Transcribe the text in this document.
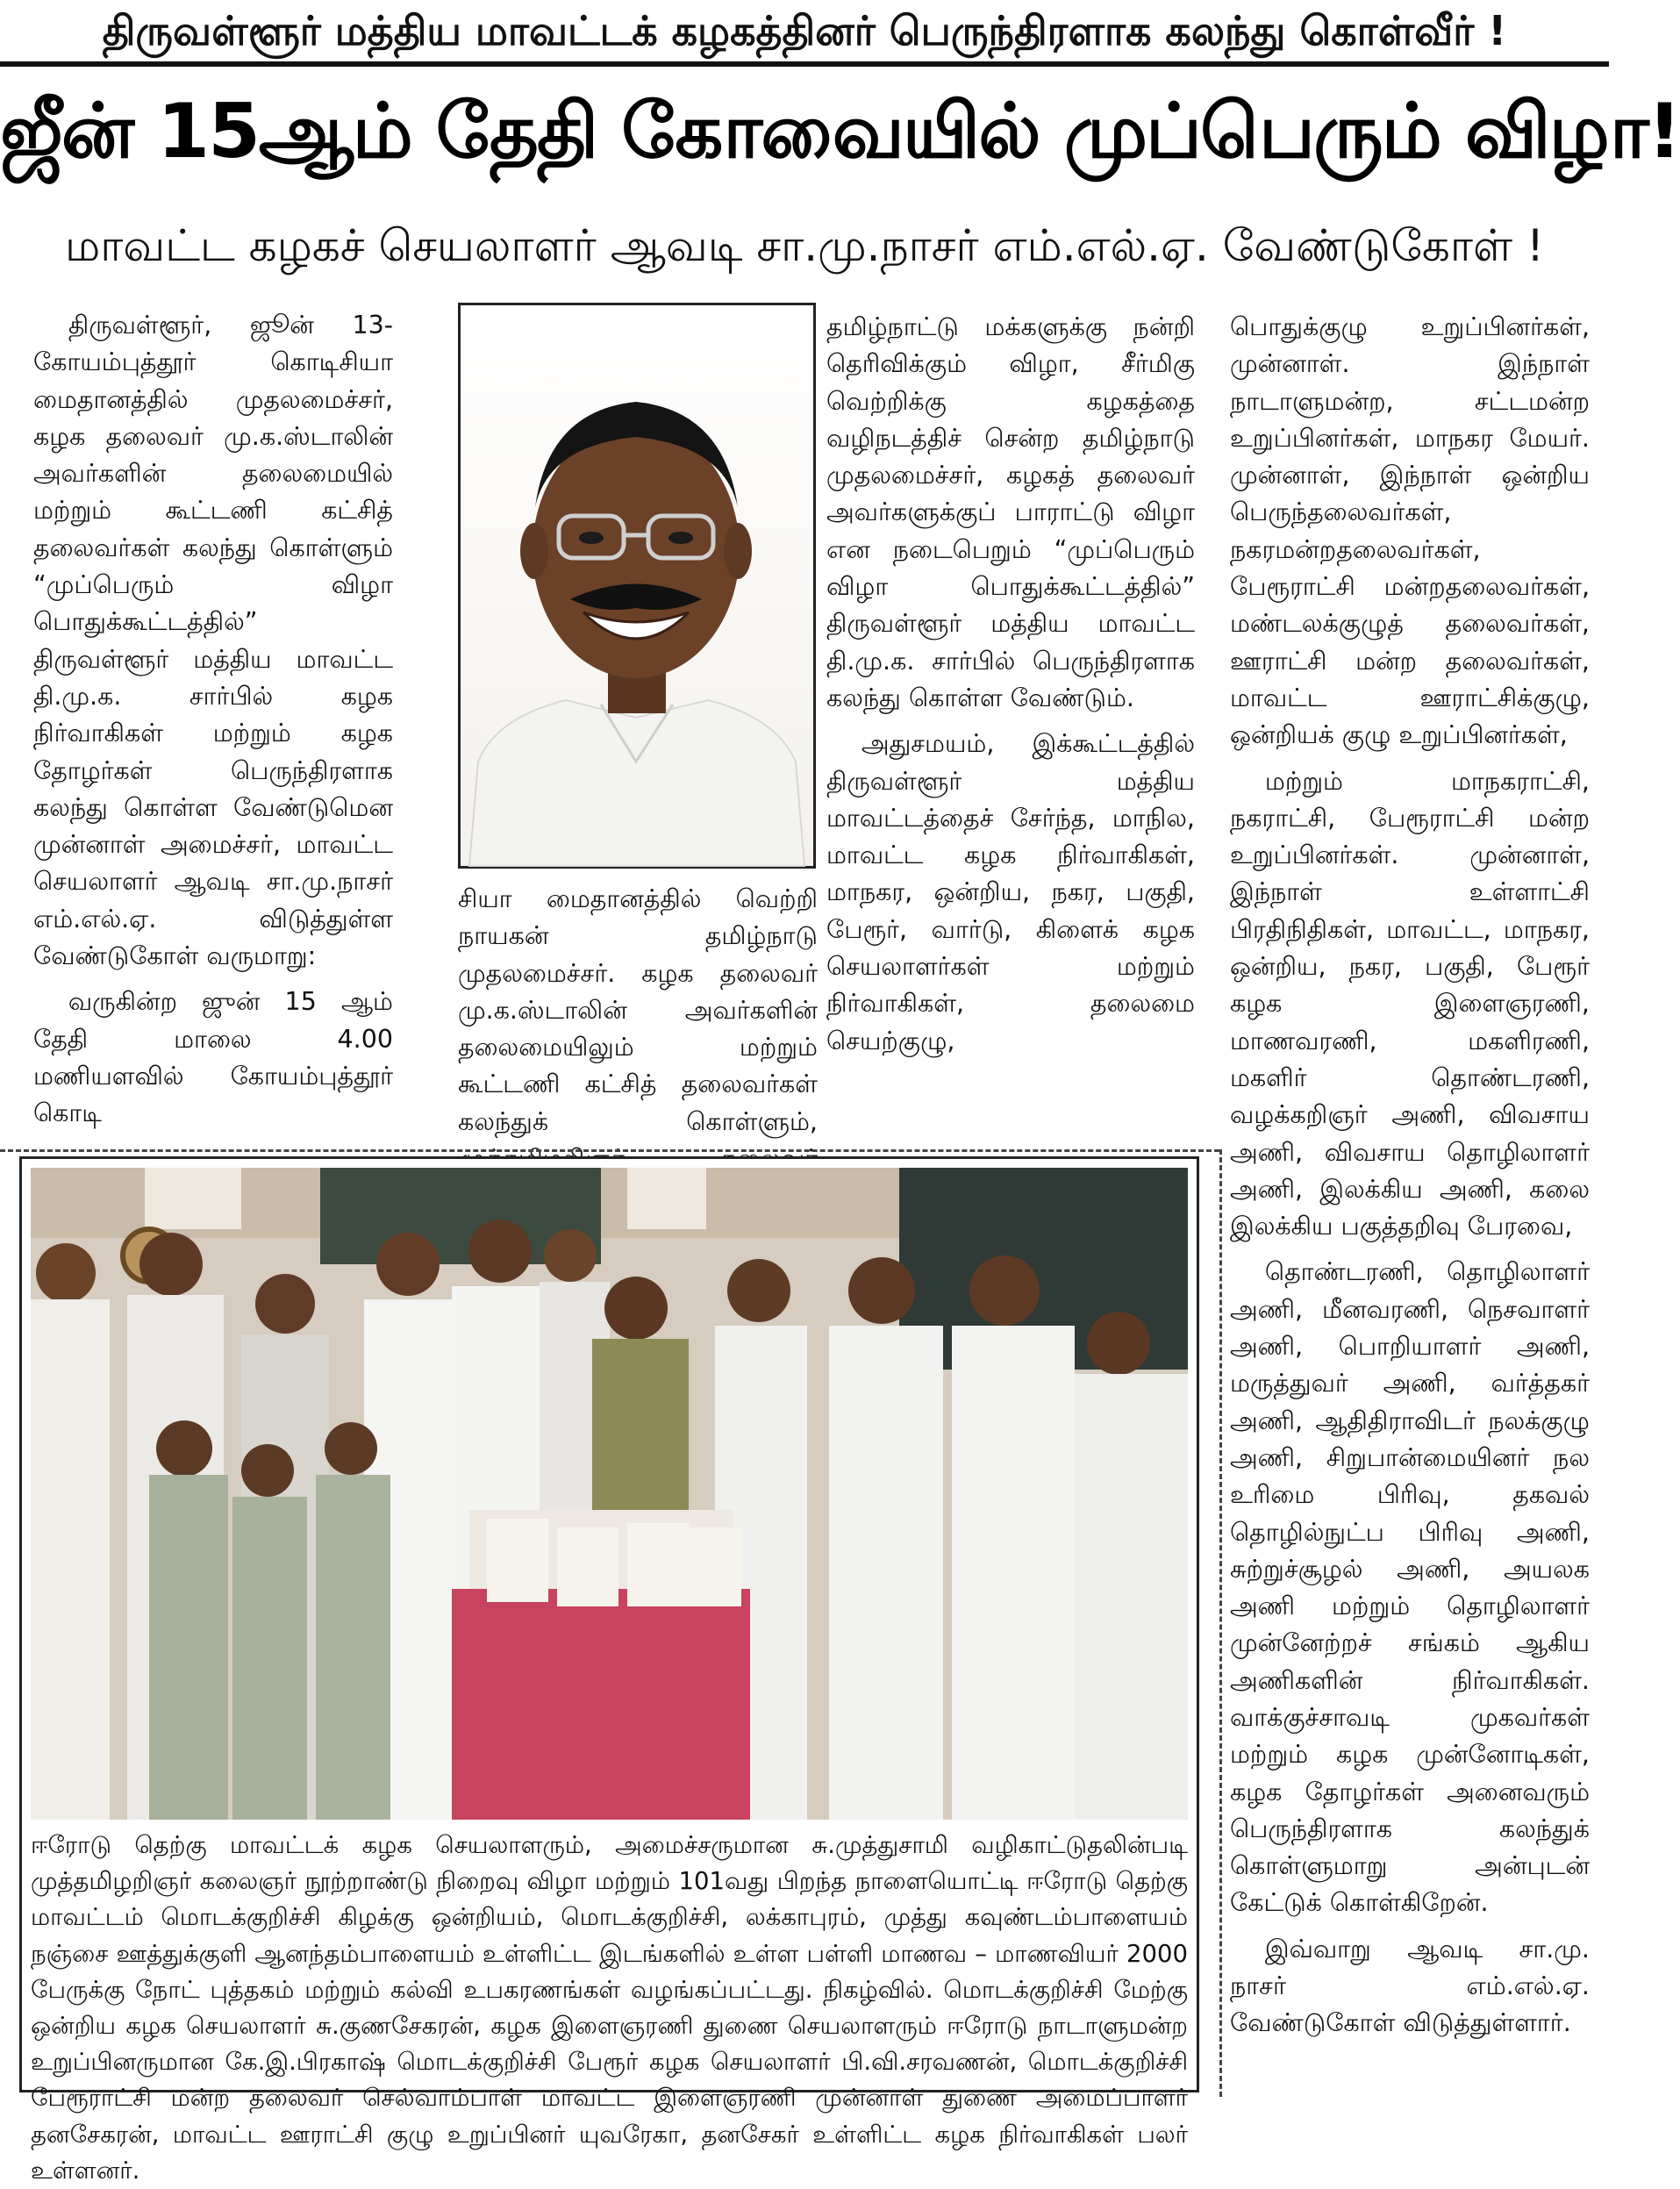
திருவள்ளூர் மத்திய மாவட்டக் கழகத்தினர் பெருந்திரளாக கலந்து கொள்வீர் !
ஜீன் 15ஆம் தேதி கோவையில் முப்பெரும் விழா!
மாவட்ட கழகச் செயலாளர் ஆவடி சா.மு.நாசர் எம்.எல்.ஏ. வேண்டுகோள் !

திருவள்ளூர், ஜூன் 13- கோயம்புத்தூர் கொடிசியா மைதானத்தில் முதலமைச்சர், கழக தலைவர் மு.க.ஸ்டாலின் அவர்களின் தலைமையில் மற்றும் கூட்டணி கட்சித் தலைவர்கள் கலந்து கொள்ளும் “முப்பெரும் விழா பொதுக்கூட்டத்தில்” திருவள்ளூர் மத்திய மாவட்ட தி.மு.க. சார்பில் கழக நிர்வாகிகள் மற்றும் கழக தோழர்கள் பெருந்திரளாக கலந்து கொள்ள வேண்டுமென முன்னாள் அமைச்சர், மாவட்ட செயலாளர் ஆவடி சா.மு.நாசர் எம்.எல்.ஏ. விடுத்துள்ள வேண்டுகோள் வருமாறு:

வருகின்ற ஜுன் 15 ஆம் தேதி மாலை 4.00 மணியளவில் கோயம்புத்தூர் கொடி

சியா மைதானத்தில் வெற்றி நாயகன் தமிழ்நாடு முதலமைச்சர். கழக தலைவர் மு.க.ஸ்டாலின் அவர்களின் தலைமையிலும் மற்றும் கூட்டணி கட்சித் தலைவர்கள் கலந்துக் கொள்ளும்,

தமிழ்நாட்டு மக்களுக்கு நன்றி தெரிவிக்கும் விழா, சீர்மிகு வெற்றிக்கு கழகத்தை வழிநடத்திச் சென்ற தமிழ்நாடு முதலமைச்சர், கழகத் தலைவர் அவர்களுக்குப் பாராட்டு விழா என நடைபெறும் “முப்பெரும் விழா பொதுக்கூட்டத்தில்” திருவள்ளூர் மத்திய மாவட்ட தி.மு.க. சார்பில் பெருந்திரளாக கலந்து கொள்ள வேண்டும்.

அதுசமயம், இக்கூட்டத்தில் திருவள்ளூர் மத்திய மாவட்டத்தைச் சேர்ந்த, மாநில, மாவட்ட கழக நிர்வாகிகள், மாநகர, ஒன்றிய, நகர, பகுதி, பேரூர், வார்டு, கிளைக் கழக செயலாளர்கள் மற்றும் நிர்வாகிகள், தலைமை செயற்குழு,

பொதுக்குழு உறுப்பினர்கள், முன்னாள். இந்நாள் நாடாளுமன்ற, சட்டமன்ற உறுப்பினர்கள், மாநகர மேயர். முன்னாள், இந்நாள் ஒன்றிய பெருந்தலைவர்கள், நகரமன்றதலைவர்கள், பேரூராட்சி மன்றதலைவர்கள், மண்டலக்குழுத் தலைவர்கள், ஊராட்சி மன்ற தலைவர்கள், மாவட்ட ஊராட்சிக்குழு, ஒன்றியக் குழு உறுப்பினர்கள்,

மற்றும் மாநகராட்சி, நகராட்சி, பேரூராட்சி மன்ற உறுப்பினர்கள். முன்னாள், இந்நாள் உள்ளாட்சி பிரதிநிதிகள், மாவட்ட, மாநகர, ஒன்றிய, நகர, பகுதி, பேரூர் கழக இளைஞரணி, மாணவரணி, மகளிரணி, மகளிர் தொண்டரணி, வழக்கறிஞர் அணி, விவசாய அணி, விவசாய தொழிலாளர் அணி, இலக்கிய அணி, கலை இலக்கிய பகுத்தறிவு பேரவை,

தொண்டரணி, தொழிலாளர் அணி, மீனவரணி, நெசவாளர் அணி, பொறியாளர் அணி, மருத்துவர் அணி, வர்த்தகர் அணி, ஆதிதிராவிடர் நலக்குழு அணி, சிறுபான்மையினர் நல உரிமை பிரிவு, தகவல் தொழில்நுட்ப பிரிவு அணி, சுற்றுச்சூழல் அணி, அயலக அணி மற்றும் தொழிலாளர் முன்னேற்றச் சங்கம் ஆகிய அணிகளின் நிர்வாகிகள். வாக்குச்சாவடி முகவர்கள் மற்றும் கழக முன்னோடிகள், கழக தோழர்கள் அனைவரும் பெருந்திரளாக கலந்துக் கொள்ளுமாறு அன்புடன் கேட்டுக் கொள்கிறேன்.

இவ்வாறு ஆவடி சா.மு. நாசர் எம்.எல்.ஏ. வேண்டுகோள் விடுத்துள்ளார்.

ஈரோடு தெற்கு மாவட்டக் கழக செயலாளரும், அமைச்சருமான சு.முத்துசாமி வழிகாட்டுதலின்படி முத்தமிழறிஞர் கலைஞர் நூற்றாண்டு நிறைவு விழா மற்றும் 101வது பிறந்த நாளையொட்டி ஈரோடு தெற்கு மாவட்டம் மொடக்குறிச்சி கிழக்கு ஒன்றியம், மொடக்குறிச்சி, லக்காபுரம், முத்து கவுண்டம்பாளையம் நஞ்சை ஊத்துக்குளி ஆனந்தம்பாளையம் உள்ளிட்ட இடங்களில் உள்ள பள்ளி மாணவ – மாணவியர் 2000 பேருக்கு நோட் புத்தகம் மற்றும் கல்வி உபகரணங்கள் வழங்கப்பட்டது. நிகழ்வில். மொடக்குறிச்சி மேற்கு ஒன்றிய கழக செயலாளர் சு.குணசேகரன், கழக இளைஞரணி துணை செயலாளரும் ஈரோடு நாடாளுமன்ற உறுப்பினருமான கே.இ.பிரகாஷ் மொடக்குறிச்சி பேரூர் கழக செயலாளர் பி.வி.சரவணன், மொடக்குறிச்சி பேரூராட்சி மன்ற தலைவர் செல்வாம்பாள் மாவட்ட இளைஞரணி முன்னாள் துணை அமைப்பாளர் தனசேகரன், மாவட்ட ஊராட்சி குழு உறுப்பினர் யுவரேகா, தனசேகர் உள்ளிட்ட கழக நிர்வாகிகள் பலர் உள்ளனர்.
